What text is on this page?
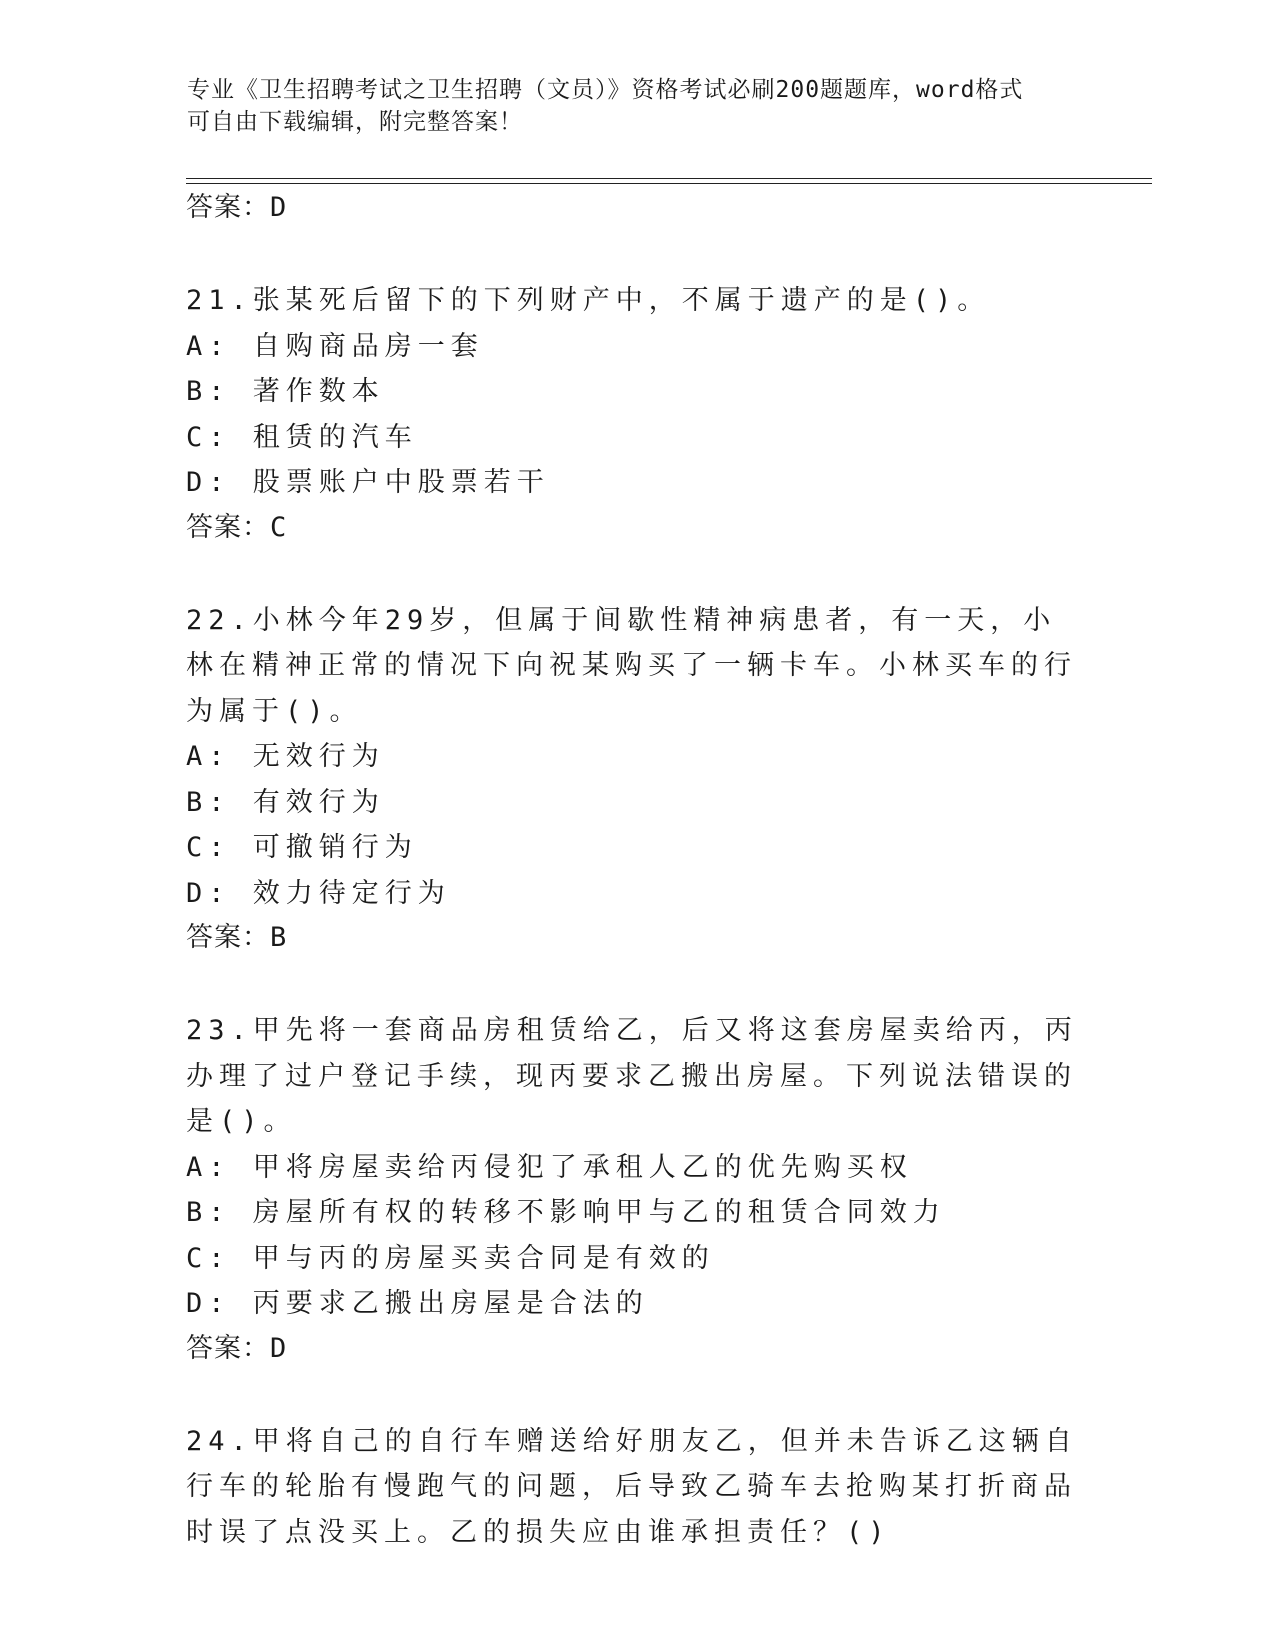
专业《卫生招聘考试之卫生招聘（文员）》资格考试必刷200题题库，word格式
可自由下载编辑，附完整答案！

答案：D

21.张某死后留下的下列财产中，不属于遗产的是()。

A: 自购商品房一套

B: 著作数本

C: 租赁的汽车

D: 股票账户中股票若干

答案：C

22.小林今年29岁，但属于间歇性精神病患者，有一天，小林在精神正常的情况下向祝某购买了一辆卡车。小林买车的行为属于()。

A: 无效行为

B: 有效行为

C: 可撤销行为

D: 效力待定行为

答案：B

23.甲先将一套商品房租赁给乙，后又将这套房屋卖给丙，丙办理了过户登记手续，现丙要求乙搬出房屋。下列说法错误的是()。

A: 甲将房屋卖给丙侵犯了承租人乙的优先购买权

B: 房屋所有权的转移不影响甲与乙的租赁合同效力

C: 甲与丙的房屋买卖合同是有效的

D: 丙要求乙搬出房屋是合法的

答案：D

24.甲将自己的自行车赠送给好朋友乙，但并未告诉乙这辆自行车的轮胎有慢跑气的问题，后导致乙骑车去抢购某打折商品时误了点没买上。乙的损失应由谁承担责任？()
